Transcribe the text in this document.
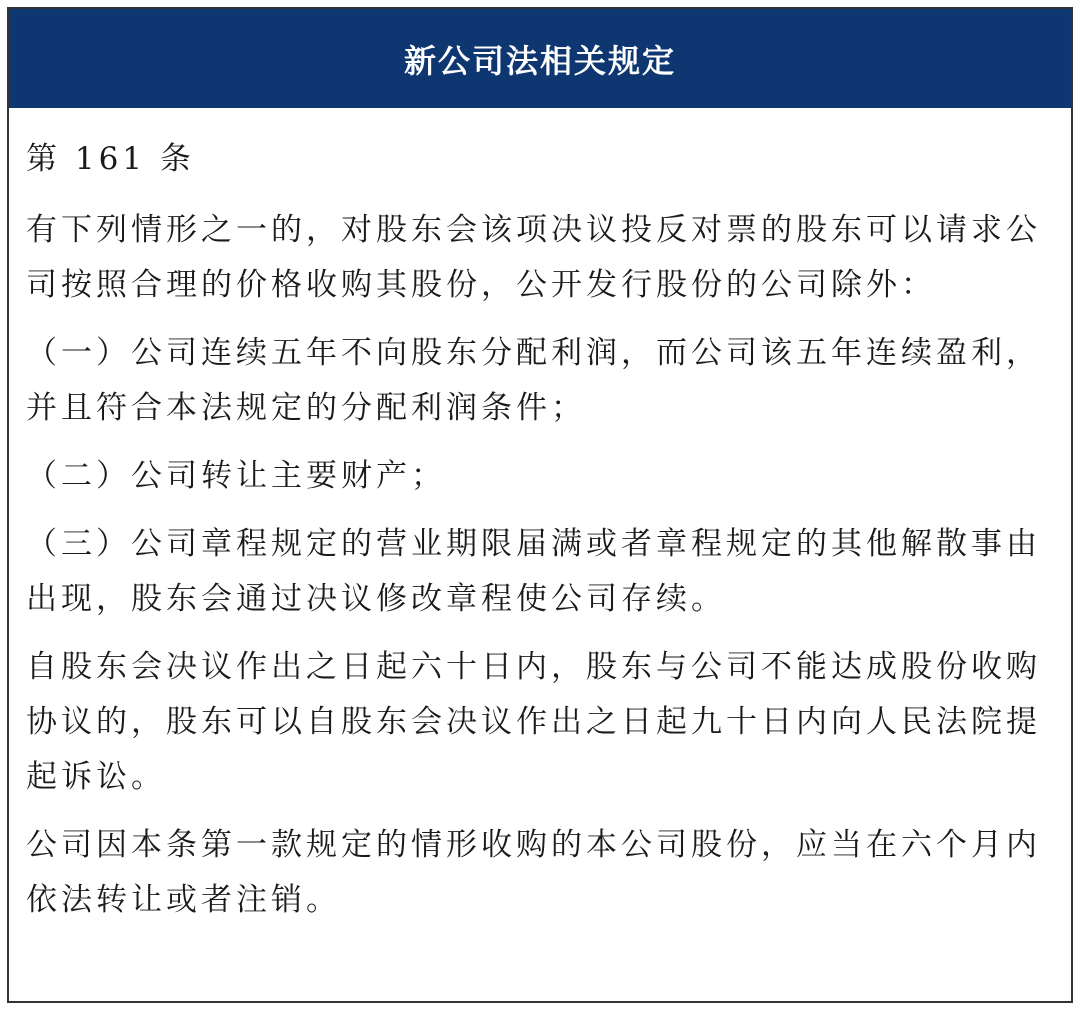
新公司法相关规定
第 161 条

有下列情形之一的，对股东会该项决议投反对票的股东可以请求公司按照合理的价格收购其股份，公开发行股份的公司除外：

（一）公司连续五年不向股东分配利润，而公司该五年连续盈利，并且符合本法规定的分配利润条件；

（二）公司转让主要财产；

（三）公司章程规定的营业期限届满或者章程规定的其他解散事由出现，股东会通过决议修改章程使公司存续。

自股东会决议作出之日起六十日内，股东与公司不能达成股份收购协议的，股东可以自股东会决议作出之日起九十日内向人民法院提起诉讼。

公司因本条第一款规定的情形收购的本公司股份，应当在六个月内依法转让或者注销。
